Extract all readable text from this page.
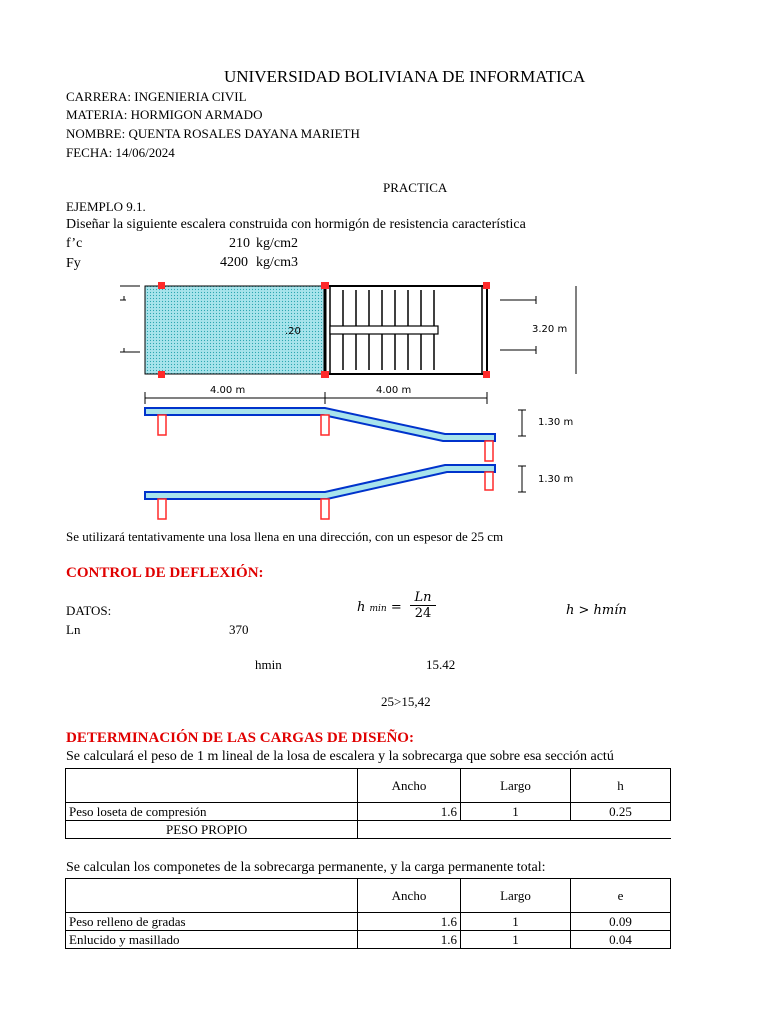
UNIVERSIDAD BOLIVIANA DE INFORMATICA
CARRERA: INGENIERIA CIVIL
MATERIA: HORMIGON ARMADO
NOMBRE: QUENTA ROSALES DAYANA MARIETH
FECHA: 14/06/2024
PRACTICA
EJEMPLO 9.1.
Diseñar la siguiente escalera construida con hormigón de resistencia característica
f’c	210 kg/cm2
Fy	4200 kg/cm3
.20	3.20 m
4.00 m	4.00 m
1.30 m
1.30 m
Se utilizará tentativamente una losa llena en una dirección, con un espesor de 25 cm
CONTROL DE DEFLEXIÓN:
DATOS:	h $\min = \frac{Ln}{24}$	h > hmín
Ln	370
hmin	15.42
25>15,42
DETERMINACIÓN DE LAS CARGAS DE DISEÑO:
Se calculará el peso de 1 m lineal de la losa de escalera y la sobrecarga que sobre esa sección actú
	Ancho	Largo	h
Peso loseta de compresión	1.6	1	0.25
PESO PROPIO			
Se calculan los componetes de la sobrecarga permanente, y la carga permanente total:
	Ancho	Largo	e
Peso relleno de gradas	1.6	1	0.09
Enlucido y masillado	1.6	1	0.04
